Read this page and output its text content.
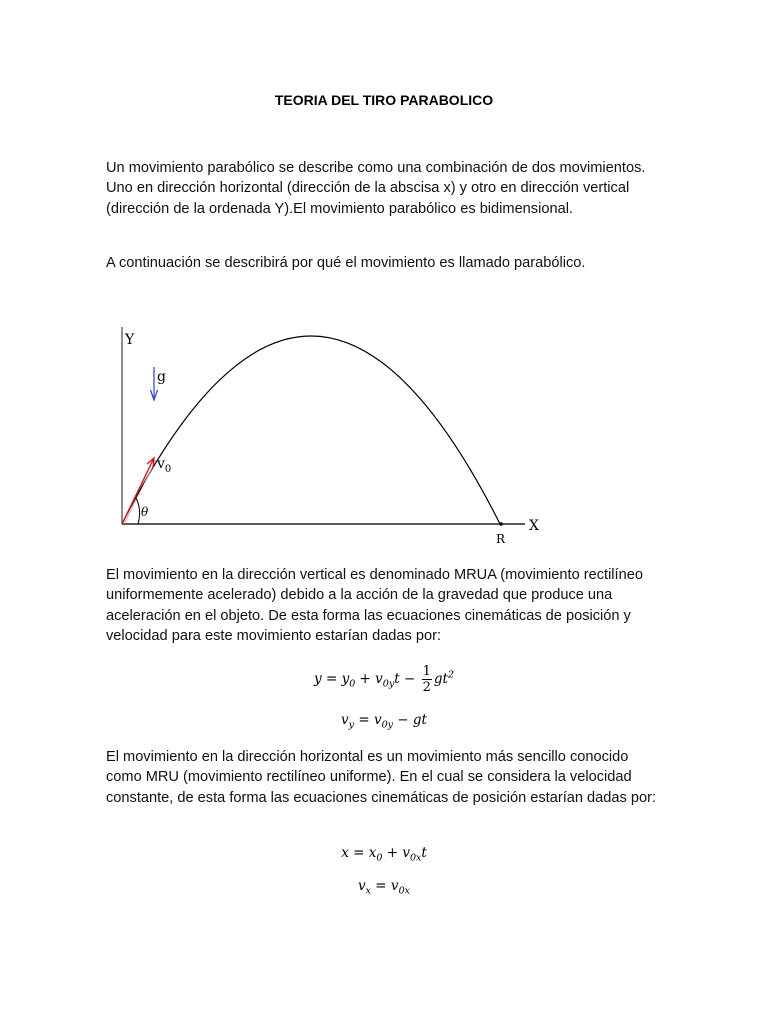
TEORIA DEL TIRO PARABOLICO

Un movimiento parabólico se describe como una combinación de dos movimientos. Uno en dirección horizontal (dirección de la abscisa x) y otro en dirección vertical (dirección de la ordenada Y).El movimiento parabólico es bidimensional.

A continuación se describirá por qué el movimiento es llamado parabólico.

Y
X
g
$v_0$
θ
R

El movimiento en la dirección vertical es denominado MRUA (movimiento rectilíneo uniformemente acelerado) debido a la acción de la gravedad que produce una aceleración en el objeto. De esta forma las ecuaciones cinemáticas de posición y velocidad para este movimiento estarían dadas por:

$y = y_0 + v_{0y}t - \frac{1}{2} gt^2$
$v_y = v_{0y}$ − gt

El movimiento en la dirección horizontal es un movimiento más sencillo conocido como MRU (movimiento rectilíneo uniforme). En el cual se considera la velocidad constante, de esta forma las ecuaciones cinemáticas de posición estarían dadas por:

$x = x_0 + v_{0x}t$
$v_x = v_{0x}$
